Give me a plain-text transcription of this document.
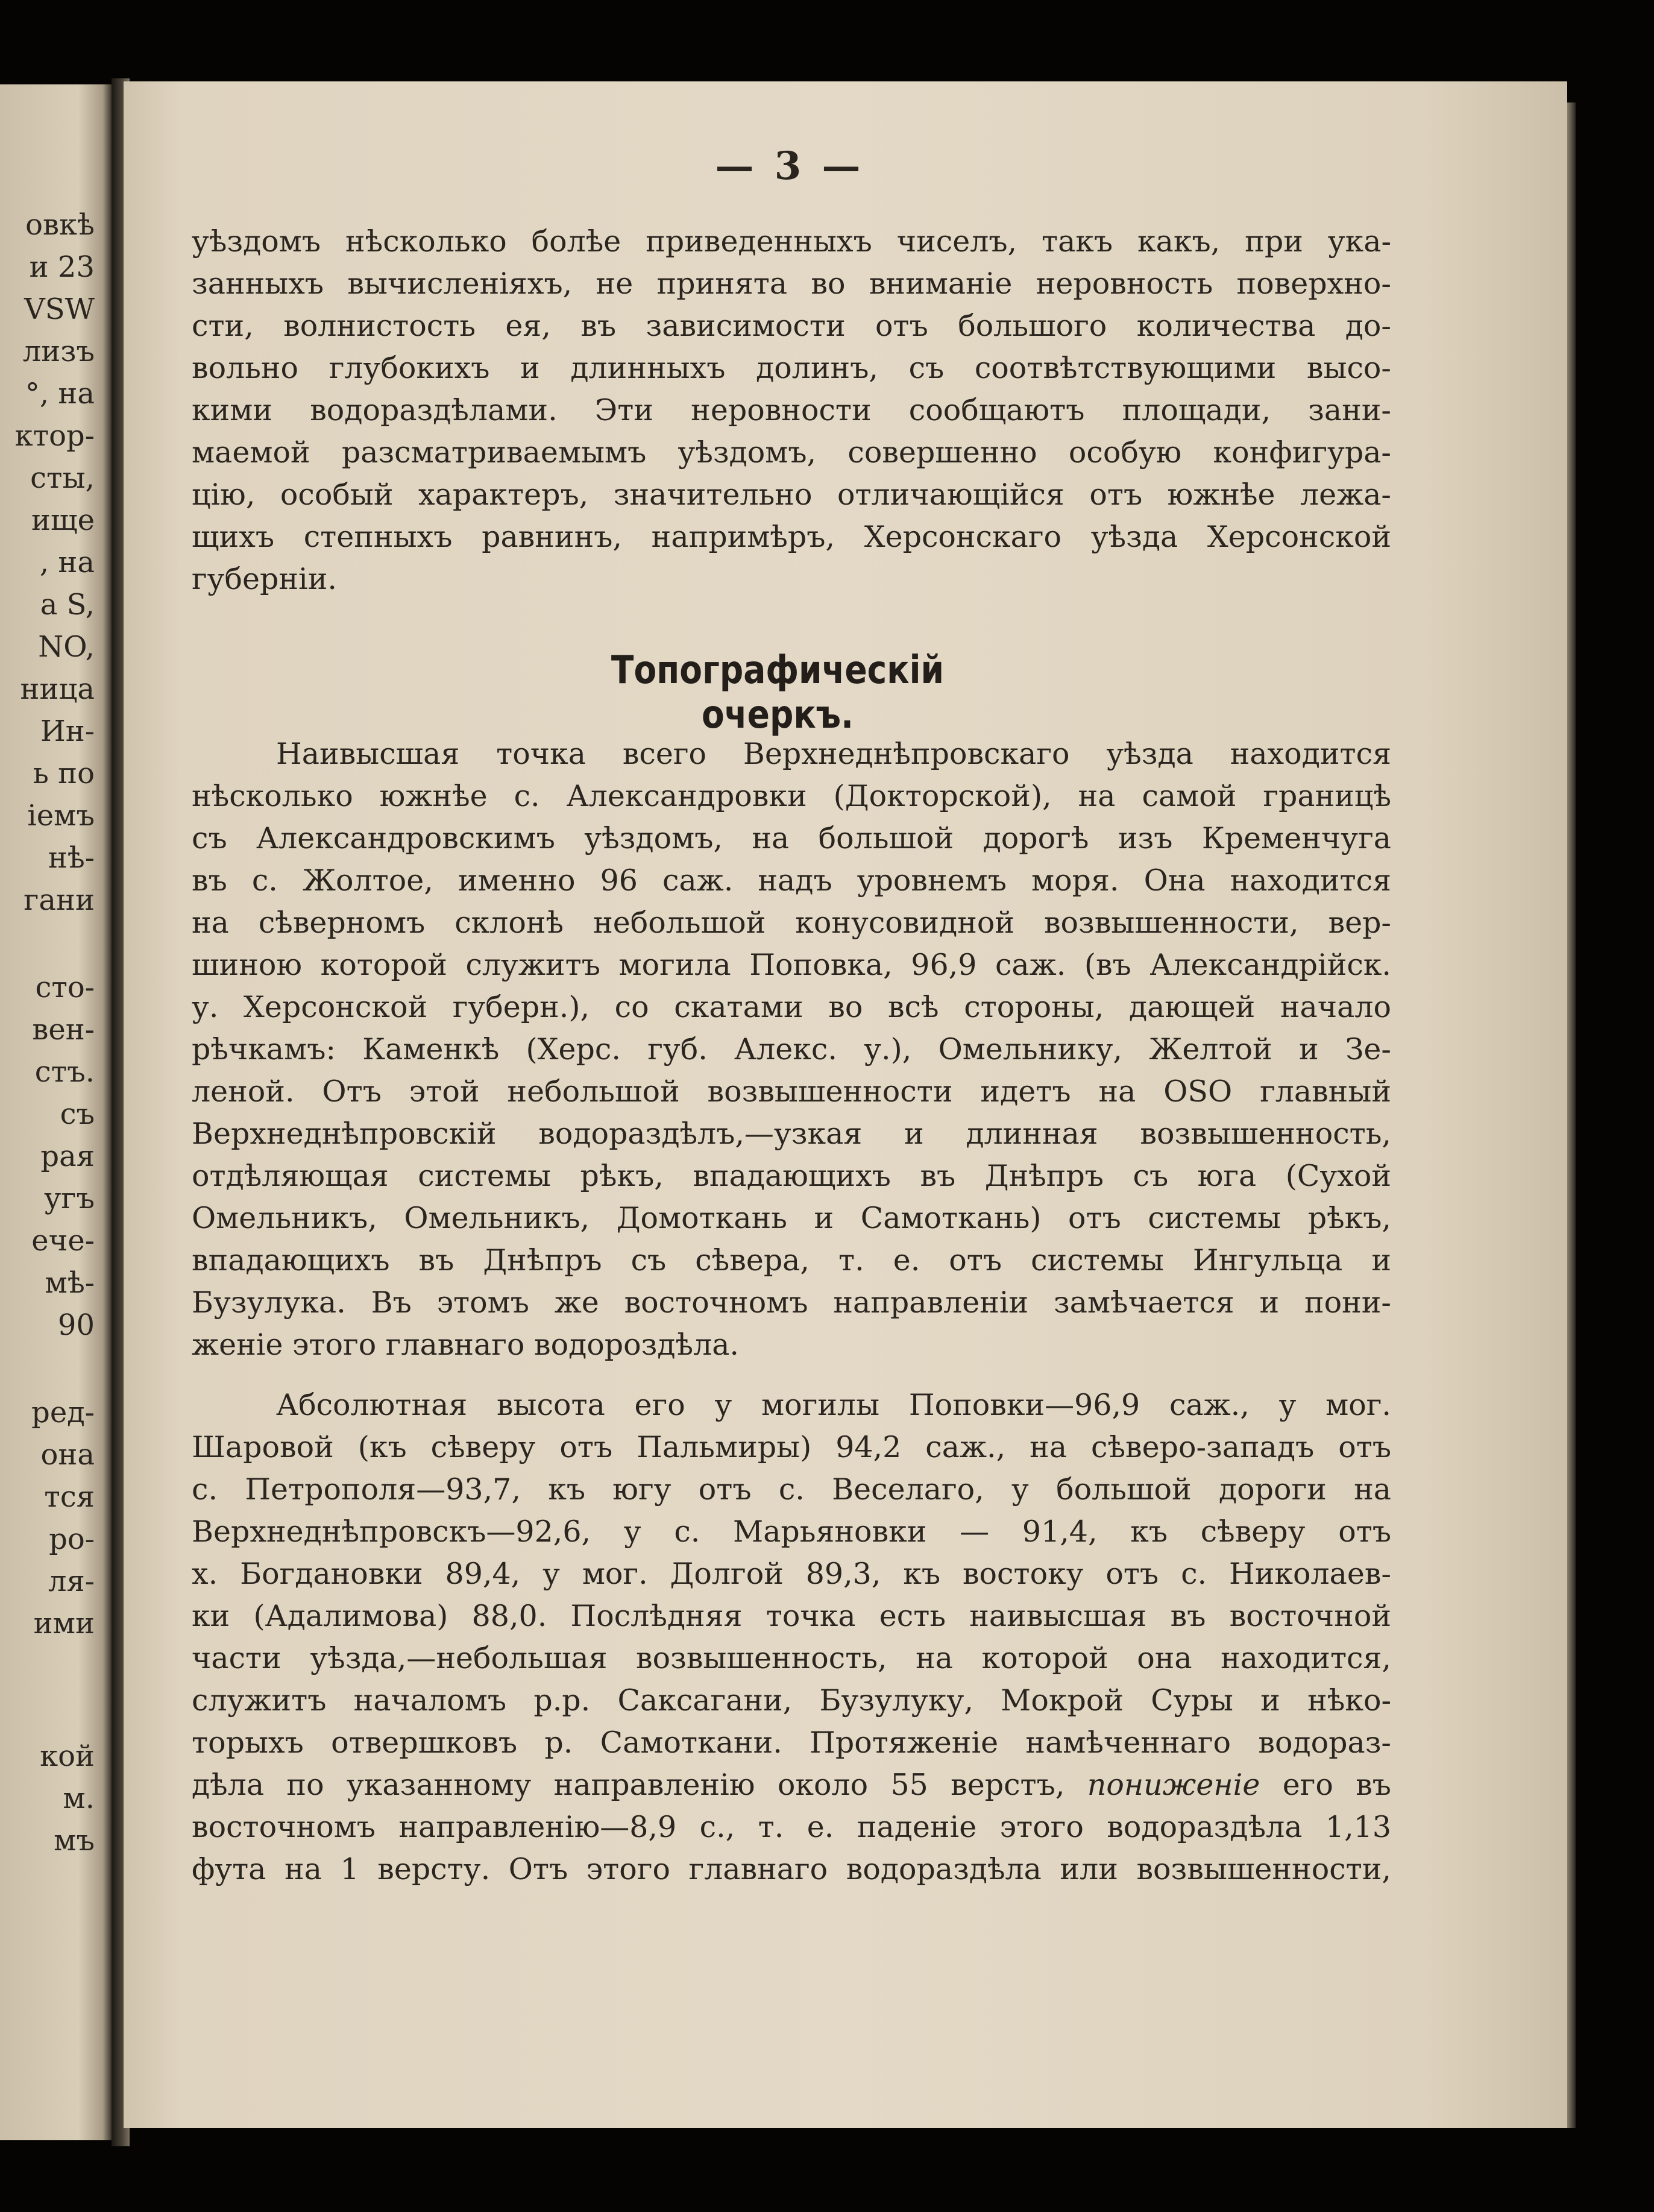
овкѣ
и 23
VSW
лизъ
°, на
ктор-
сты,
ище
, на
а S,
NO,
ница
Ин-
ь по
іемъ
нѣ-
гани
сто-
вен-
стъ.
съ
рая
угъ
ече-
мѣ-
90
ред-
она
тся
ро-
ля-
ими
кой
м.
мъ
— 3 —
Топографическій очеркъ.
уѣздомъ нѣсколько болѣе приведенныхъ чиселъ, такъ какъ, при ука-
занныхъ вычисленіяхъ, не принята во вниманіе неровность поверхно-
сти, волнистость ея, въ зависимости отъ большого количества до-
вольно глубокихъ и длинныхъ долинъ, съ соотвѣтствующими высо-
кими водораздѣлами. Эти неровности сообщаютъ площади, зани-
маемой разсматриваемымъ уѣздомъ, совершенно особую конфигура-
цію, особый характеръ, значительно отличающійся отъ южнѣе лежа-
щихъ степныхъ равнинъ, напримѣръ, Херсонскаго уѣзда Херсонской
губерніи.
Наивысшая точка всего Верхнеднѣпровскаго уѣзда находится
нѣсколько южнѣе с. Александровки (Докторской), на самой границѣ
съ Александровскимъ уѣздомъ, на большой дорогѣ изъ Кременчуга
въ с. Жолтое, именно 96 саж. надъ уровнемъ моря. Она находится
на сѣверномъ склонѣ небольшой конусовидной возвышенности, вер-
шиною которой служитъ могила Поповка, 96,9 саж. (въ Александрійск.
у. Херсонской губерн.), со скатами во всѣ стороны, дающей начало
рѣчкамъ: Каменкѣ (Херс. губ. Алекс. у.), Омельнику, Желтой и Зе-
леной. Отъ этой небольшой возвышенности идетъ на OSO главный
Верхнеднѣпровскій водораздѣлъ,—узкая и длинная возвышенность,
отдѣляющая системы рѣкъ, впадающихъ въ Днѣпръ съ юга (Сухой
Омельникъ, Омельникъ, Домоткань и Самоткань) отъ системы рѣкъ,
впадающихъ въ Днѣпръ съ сѣвера, т. е. отъ системы Ингульца и
Бузулука. Въ этомъ же восточномъ направленіи замѣчается и пони-
женіе этого главнаго водороздѣла.
Абсолютная высота его у могилы Поповки—96,9 саж., у мог.
Шаровой (къ сѣверу отъ Пальмиры) 94,2 саж., на сѣверо-западъ отъ
с. Петрополя—93,7, къ югу отъ с. Веселаго, у большой дороги на
Верхнеднѣпровскъ—92,6, у с. Марьяновки — 91,4, къ сѣверу отъ
х. Богдановки 89,4, у мог. Долгой 89,3, къ востоку отъ с. Николаев-
ки (Адалимова) 88,0. Послѣдняя точка есть наивысшая въ восточной
части уѣзда,—небольшая возвышенность, на которой она находится,
служитъ началомъ р.р. Саксагани, Бузулуку, Мокрой Суры и нѣко-
торыхъ отвершковъ р. Самоткани. Протяженіе намѣченнаго водораз-
дѣла по указанному направленію около 55 верстъ, пониженіе его въ
восточномъ направленію—8,9 с., т. е. паденіе этого водораздѣла 1,13
фута на 1 версту. Отъ этого главнаго водораздѣла или возвышенности,
